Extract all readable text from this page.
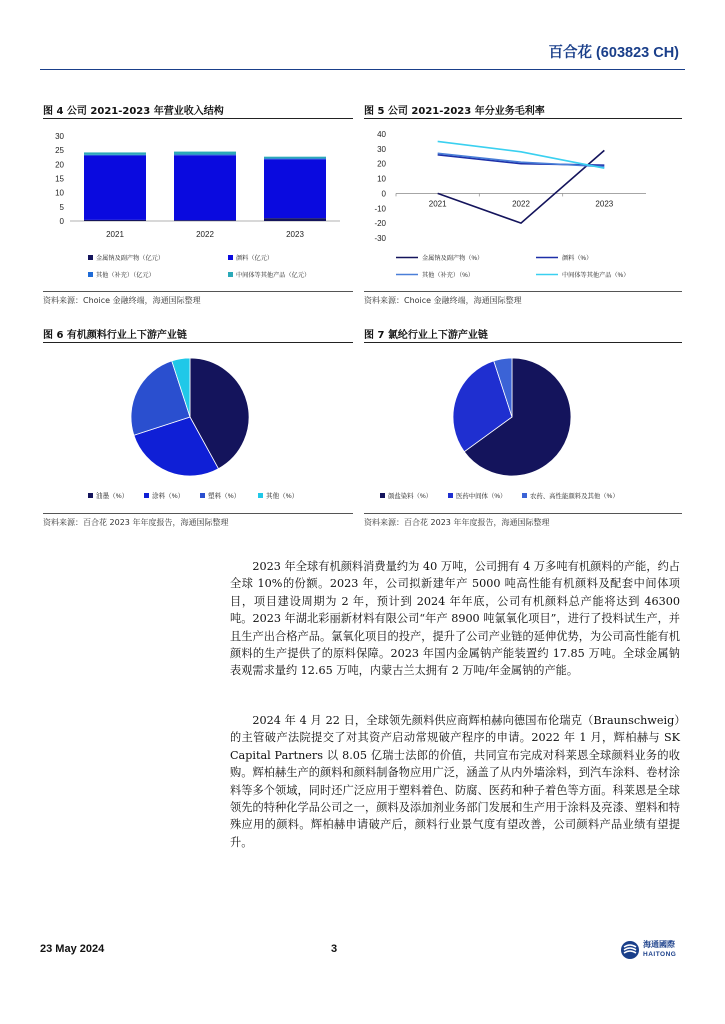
百合花 (603823 CH)
图 4 公司 2021-2023 年营业收入结构
0
5
10
15
20
25
30
2021	2022	2023
金属钠及副产物（亿元）	颜料（亿元）
其他（补充）（亿元）	中间体等其他产品（亿元）
资料来源：Choice 金融终端，海通国际整理
图 5 公司 2021-2023 年分业务毛利率
-30
-20
-10
0
10
20
30
40
2021	2022	2023
金属钠及副产物（%）	颜料（%）
其他（补充）（%）	中间体等其他产品（%）
资料来源：Choice 金融终端，海通国际整理
图 6 有机颜料行业上下游产业链
油墨（%）	涂料（%）	塑料（%）	其他（%）
资料来源：百合花 2023 年年度报告，海通国际整理
图 7 氯纶行业上下游产业链
颜盐染料（%）	医药中间体（%）	农药、高性能颜料及其他（%）
资料来源：百合花 2023 年年度报告，海通国际整理
2023 年全球有机颜料消费量约为 40 万吨，公司拥有 4 万多吨有机颜料的产能，约占全球 10%的份额。2023 年，公司拟新建年产 5000 吨高性能有机颜料及配套中间体项目，项目建设周期为 2 年，预计到 2024 年年底，公司有机颜料总产能将达到 46300 吨。2023 年湖北彩丽新材料有限公司“年产 8900 吨氯氧化项目”，进行了投料试生产，并且生产出合格产品。氯氧化项目的投产，提升了公司产业链的延伸优势，为公司高性能有机颜料的生产提供了的原料保障。2023 年国内金属钠产能装置约 17.85 万吨。全球金属钠表观需求量约 12.65 万吨，内蒙古兰太拥有 2 万吨/年金属钠的产能。
2024 年 4 月 22 日，全球领先颜料供应商辉柏赫向德国布伦瑞克（Braunschweig）的主管破产法院提交了对其资产启动常规破产程序的申请。2022 年 1 月，辉柏赫与 SK Capital Partners 以 8.05 亿瑞士法郎的价值，共同宣布完成对科莱恩全球颜料业务的收购。辉柏赫生产的颜料和颜料制备物应用广泛，涵盖了从内外墙涂料，到汽车涂料、卷材涂料等多个领域，同时还广泛应用于塑料着色、防腐、医药和种子着色等方面。科莱恩是全球领先的特种化学品公司之一，颜料及添加剂业务部门发展和生产用于涂料及亮漆、塑料和特殊应用的颜料。辉柏赫申请破产后，颜料行业景气度有望改善，公司颜料产品业绩有望提升。
23 May 2024	3	海通國際
HAITONG
